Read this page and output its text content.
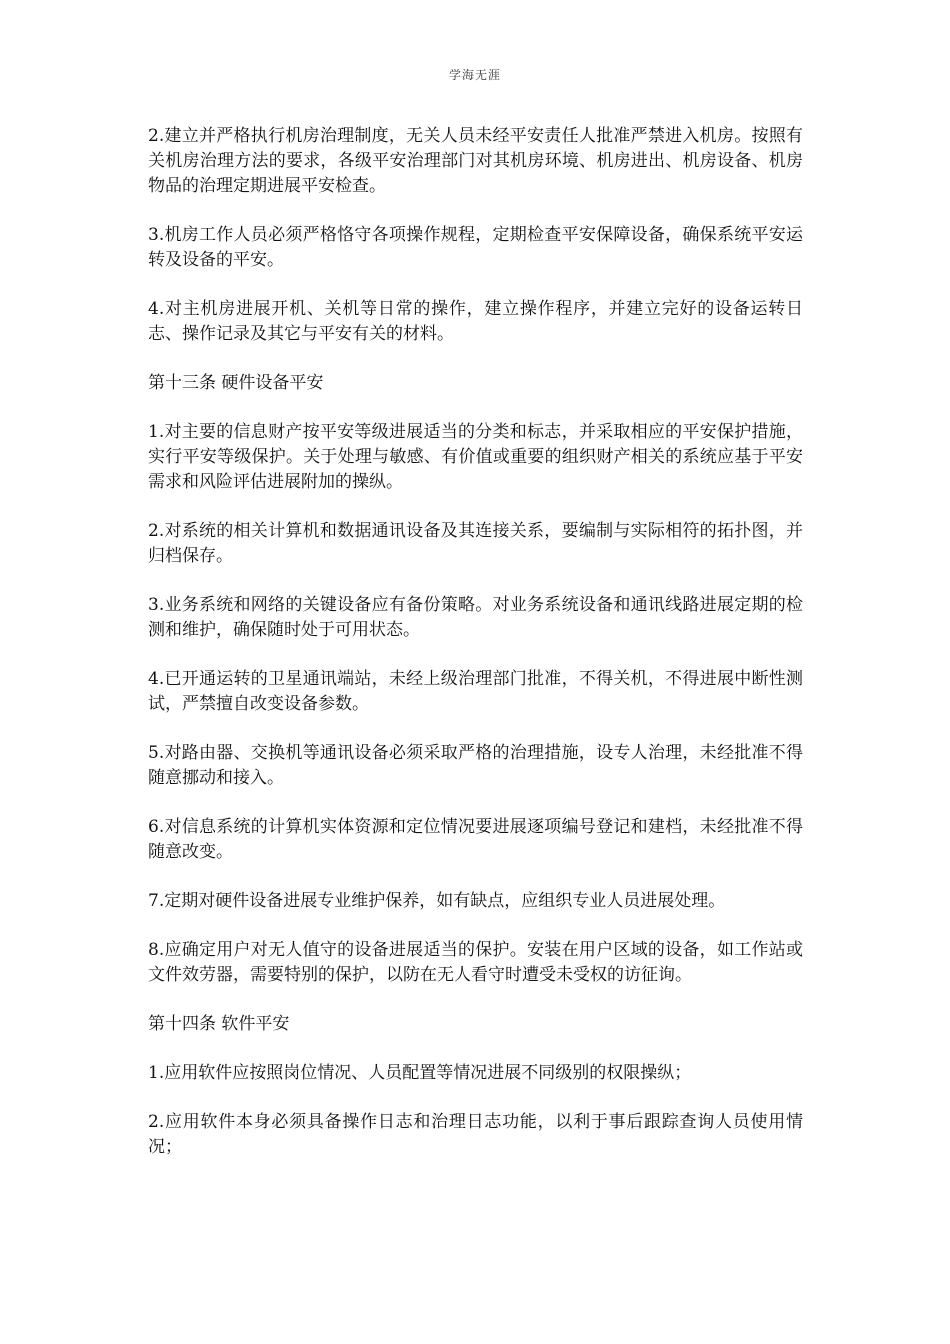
学海无涯

2.建立并严格执行机房治理制度，无关人员未经平安责任人批准严禁进入机房。按照有关机房治理方法的要求，各级平安治理部门对其机房环境、机房进出、机房设备、机房物品的治理定期进展平安检查。

3.机房工作人员必须严格恪守各项操作规程，定期检查平安保障设备，确保系统平安运转及设备的平安。

4.对主机房进展开机、关机等日常的操作，建立操作程序，并建立完好的设备运转日志、操作记录及其它与平安有关的材料。

第十三条 硬件设备平安

1.对主要的信息财产按平安等级进展适当的分类和标志，并采取相应的平安保护措施，实行平安等级保护。关于处理与敏感、有价值或重要的组织财产相关的系统应基于平安需求和风险评估进展附加的操纵。

2.对系统的相关计算机和数据通讯设备及其连接关系，要编制与实际相符的拓扑图，并归档保存。

3.业务系统和网络的关键设备应有备份策略。对业务系统设备和通讯线路进展定期的检测和维护，确保随时处于可用状态。

4.已开通运转的卫星通讯端站，未经上级治理部门批准，不得关机，不得进展中断性测试，严禁擅自改变设备参数。

5.对路由器、交换机等通讯设备必须采取严格的治理措施，设专人治理，未经批准不得随意挪动和接入。

6.对信息系统的计算机实体资源和定位情况要进展逐项编号登记和建档，未经批准不得随意改变。

7.定期对硬件设备进展专业维护保养，如有缺点，应组织专业人员进展处理。

8.应确定用户对无人值守的设备进展适当的保护。安装在用户区域的设备，如工作站或文件效劳器，需要特别的保护，以防在无人看守时遭受未受权的访征询。

第十四条 软件平安

1.应用软件应按照岗位情况、人员配置等情况进展不同级别的权限操纵；

2.应用软件本身必须具备操作日志和治理日志功能，以利于事后跟踪查询人员使用情况；
